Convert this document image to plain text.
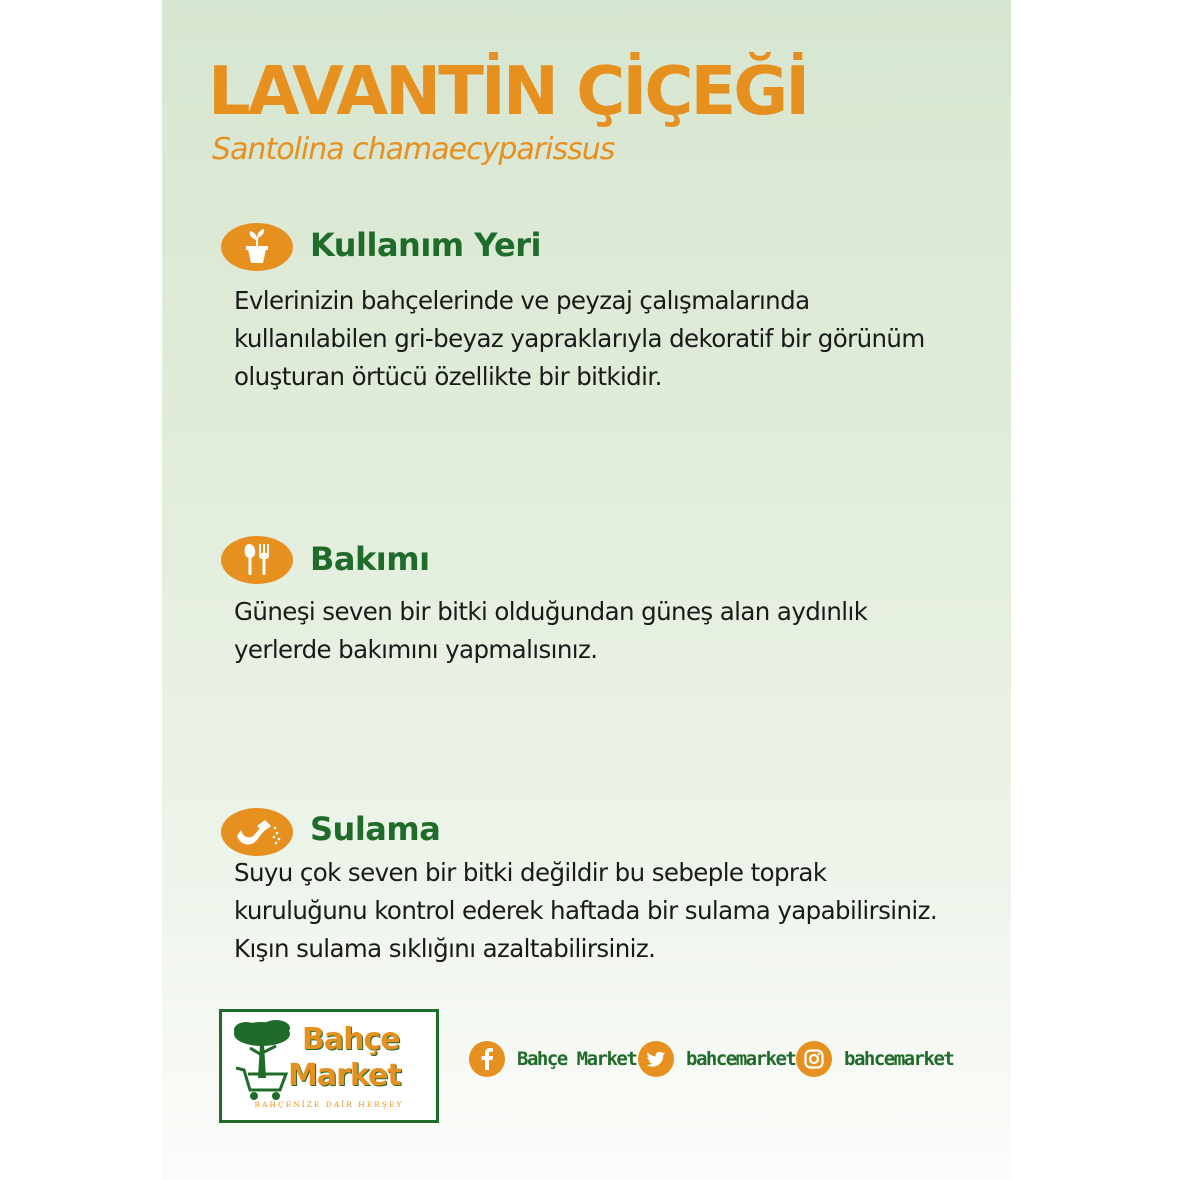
LAVANTİN ÇİÇEĞİ

Santolina chamaecyparissus

Kullanım Yeri
Evlerinizin bahçelerinde ve peyzaj çalışmalarında
kullanılabilen gri-beyaz yapraklarıyla dekoratif bir görünüm
oluşturan örtücü özellikte bir bitkidir.
Bakımı
Güneşi seven bir bitki olduğundan güneş alan aydınlık
yerlerde bakımını yapmalısınız.
Sulama
Suyu çok seven bir bitki değildir bu sebeple toprak
kuruluğunu kontrol ederek haftada bir sulama yapabilirsiniz.
Kışın sulama sıklığını azaltabilirsiniz.
Bahçe
Market
BAHÇENİZE DAİR HERŞEY
Bahçe Market	bahcemarket	bahcemarket
